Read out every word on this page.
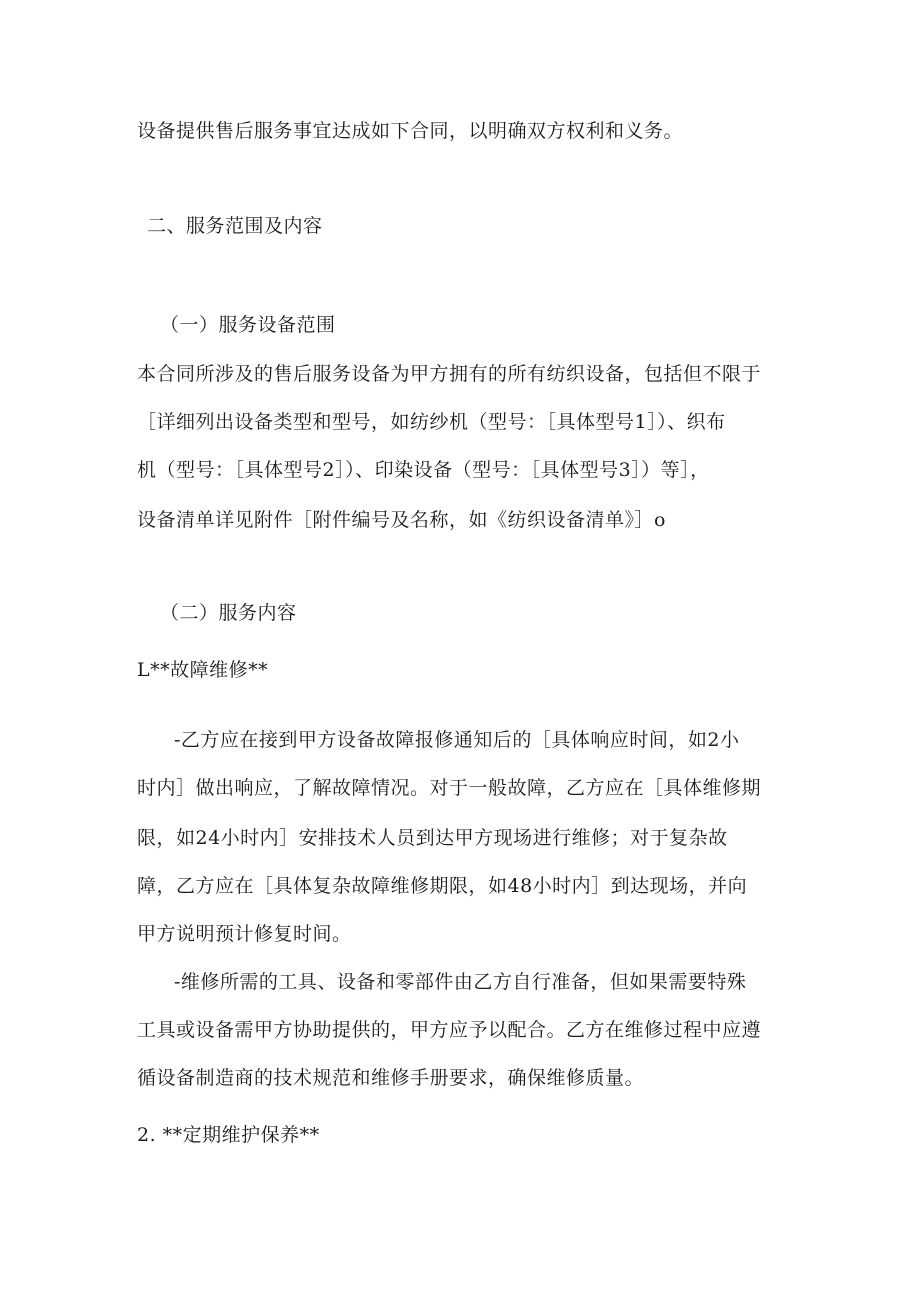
设备提供售后服务事宜达成如下合同，以明确双方权利和义务。
二、服务范围及内容
（一）服务设备范围
本合同所涉及的售后服务设备为甲方拥有的所有纺织设备，包括但不限于
［详细列出设备类型和型号，如纺纱机（型号：［具体型号1］）、织布
机（型号：［具体型号2］）、印染设备（型号：［具体型号3］）等］，
设备清单详见附件［附件编号及名称，如《纺织设备清单》］o
（二）服务内容
L**故障维修**
-乙方应在接到甲方设备故障报修通知后的［具体响应时间，如2小
时内］做出响应，了解故障情况。对于一般故障，乙方应在［具体维修期
限，如24小时内］安排技术人员到达甲方现场进行维修；对于复杂故
障，乙方应在［具体复杂故障维修期限，如48小时内］到达现场，并向
甲方说明预计修复时间。
-维修所需的工具、设备和零部件由乙方自行准备，但如果需要特殊
工具或设备需甲方协助提供的，甲方应予以配合。乙方在维修过程中应遵
循设备制造商的技术规范和维修手册要求，确保维修质量。
2. **定期维护保养**
